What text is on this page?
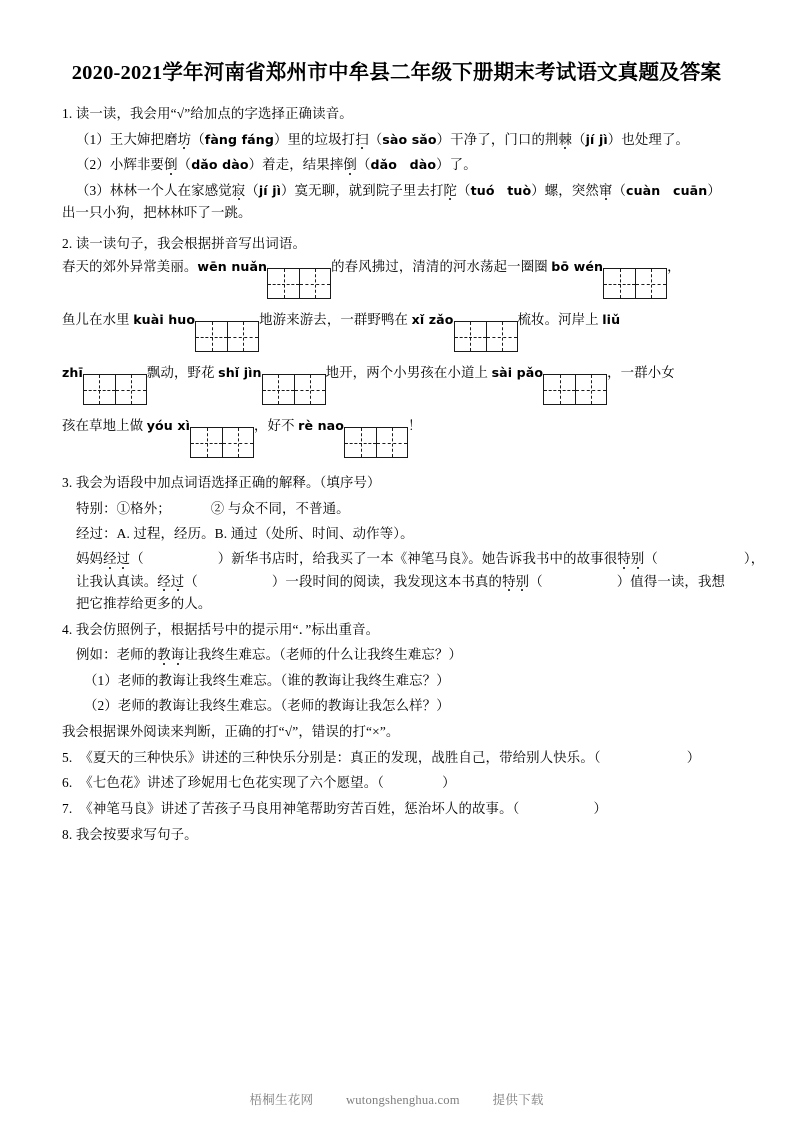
2020-2021学年河南省郑州市中牟县二年级下册期末考试语文真题及答案
1. 读一读，我会用“√”给加点的字选择正确读音。
（1）王大婶把磨坊（fàng fáng）里的垃圾打扫（sào sǎo）干净了，门口的荆棘（jí jì）也处理了。
（2）小辉非要倒（dǎo dào）着走，结果摔倒（dǎo　dào）了。
（3）林林一个人在家感觉寂（jí jì）寞无聊，就到院子里去打陀（tuó　tuò）螺，突然窜（cuàn　cuān）
出一只小狗，把林林吓了一跳。
2. 读一读句子，我会根据拼音写出词语。
春天的郊外异常美丽。wēn nuǎn	的春风拂过，清清的河水荡起一圈圈 bō wén	，
鱼儿在水里 kuài huo	地游来游去，一群野鸭在 xǐ zǎo	梳妆。河岸上 liǔ
zhī	飘动，野花 shǐ jìn	地开，两个小男孩在小道上 sài pǎo	，一群小女
孩在草地上做 yóu xì	，好不 rè nao	！
3. 我会为语段中加点词语选择正确的解释。（填序号）
特别：①格外；	② 与众不同，不普通。
经过：A. 过程，经历。B. 通过（处所、时间、动作等）。
妈妈经过（	）新华书店时，给我买了一本《神笔马良》。她告诉我书中的故事很特别（	），
让我认真读。经过（	）一段时间的阅读，我发现这本书真的特别（	）值得一读，我想
把它推荐给更多的人。
4. 我会仿照例子，根据括号中的提示用“．”标出重音。
例如：老师的教诲让我终生难忘。（老师的什么让我终生难忘？）
（1）老师的教诲让我终生难忘。（谁的教诲让我终生难忘？）
（2）老师的教诲让我终生难忘。（老师的教诲让我怎么样？）
我会根据课外阅读来判断，正确的打“√”，错误的打“×”。
5.  《夏天的三种快乐》讲述的三种快乐分别是：真正的发现，战胜自己，带给别人快乐。（	）
6.  《七色花》讲述了珍妮用七色花实现了六个愿望。（	）
7.  《神笔马良》讲述了苦孩子马良用神笔帮助穷苦百姓，惩治坏人的故事。（	）
8. 我会按要求写句子。
梧桐生花网	wutongshenghua.com	提供下载
